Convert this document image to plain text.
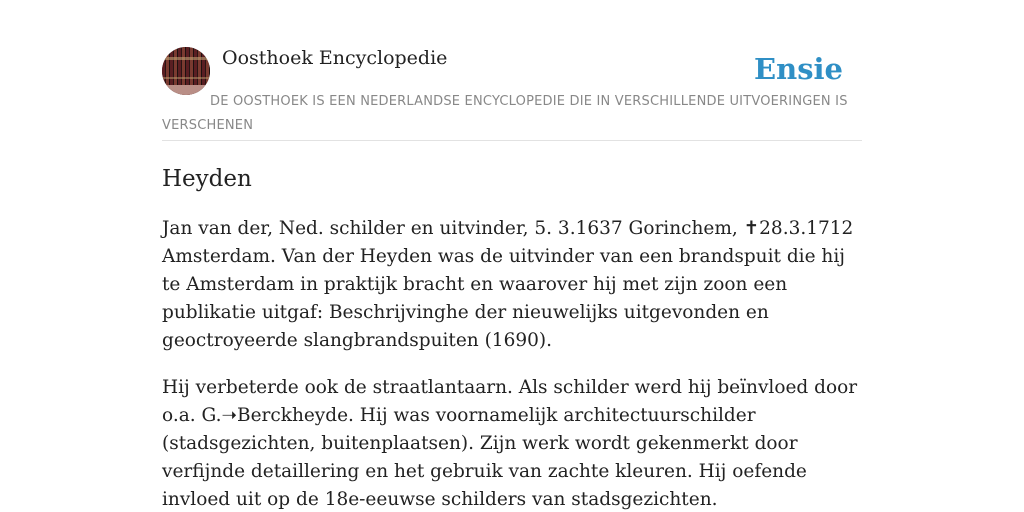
Oosthoek Encyclopedie	Ensie
DE OOSTHOEK IS EEN NEDERLANDSE ENCYCLOPEDIE DIE IN VERSCHILLENDE UITVOERINGEN IS VERSCHENEN
Heyden

Jan van der, Ned. schilder en uitvinder, 5. 3.1637 Gorinchem, ✝28.3.1712 Amsterdam. Van der Heyden was de uitvinder van een brandspuit die hij te Amsterdam in praktijk bracht en waarover hij met zijn zoon een publikatie uitgaf: Beschrijvinghe der nieuwelijks uitgevonden en geoctroyeerde slangbrandspuiten (1690).

Hij verbeterde ook de straatlantaarn. Als schilder werd hij beïnvloed door o.a. G.➝Berckheyde. Hij was voornamelijk architectuurschilder (stadsgezichten, buitenplaatsen). Zijn werk wordt gekenmerkt door verfijnde detaillering en het gebruik van zachte kleuren. Hij oefende invloed uit op de 18e-eeuwse schilders van stadsgezichten.
